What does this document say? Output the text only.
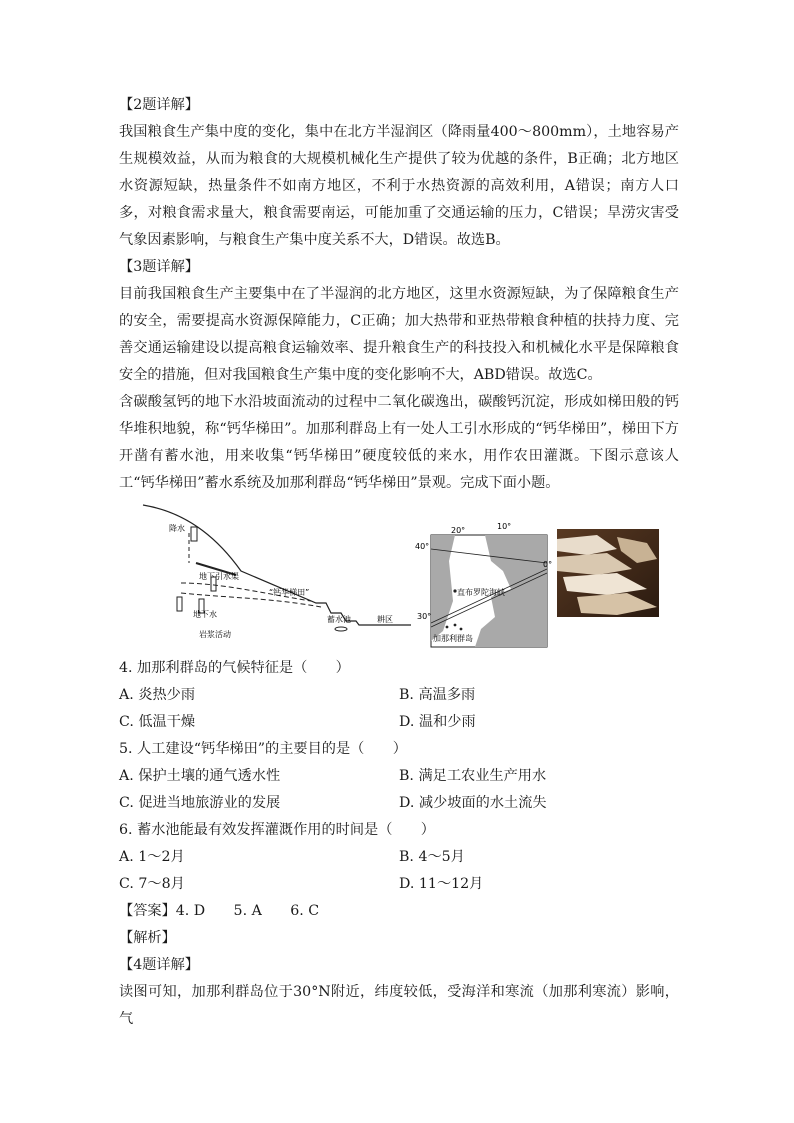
【2题详解】

我国粮食生产集中度的变化，集中在北方半湿润区（降雨量400～800mm），土地容易产生规模效益，从而为粮食的大规模机械化生产提供了较为优越的条件，B正确；北方地区水资源短缺，热量条件不如南方地区，不利于水热资源的高效利用，A错误；南方人口多，对粮食需求量大，粮食需要南运，可能加重了交通运输的压力，C错误；旱涝灾害受气象因素影响，与粮食生产集中度关系不大，D错误。故选B。

【3题详解】

目前我国粮食生产主要集中在了半湿润的北方地区，这里水资源短缺，为了保障粮食生产的安全，需要提高水资源保障能力，C正确；加大热带和亚热带粮食种植的扶持力度、完善交通运输建设以提高粮食运输效率、提升粮食生产的科技投入和机械化水平是保障粮食安全的措施，但对我国粮食生产集中度的变化影响不大，ABD错误。故选C。

含碳酸氢钙的地下水沿坡面流动的过程中二氧化碳逸出，碳酸钙沉淀，形成如梯田般的钙华堆积地貌，称“钙华梯田”。加那利群岛上有一处人工引水形成的“钙华梯田”，梯田下方开凿有蓄水池，用来收集“钙华梯田”硬度较低的来水，用作农田灌溉。下图示意该人工“钙华梯田”蓄水系统及加那利群岛“钙华梯田”景观。完成下面小题。

降水
地下引水渠
“钙华梯田”
地下水
岩浆活动
蓄水池	耕区
20°	10°
40°
0°
30°
直布罗陀海峡
加那利群岛

4. 加那利群岛的气候特征是（　　）

A. 炎热少雨	B. 高温多雨
C. 低温干燥	D. 温和少雨

5. 人工建设“钙华梯田”的主要目的是（　　）

A. 保护土壤的通气透水性	B. 满足工农业生产用水
C. 促进当地旅游业的发展	D. 减少坡面的水土流失

6. 蓄水池能最有效发挥灌溉作用的时间是（　　）

A. 1～2月	B. 4～5月
C. 7～8月	D. 11～12月

【答案】4. D　　5. A　　6. C

【解析】

【4题详解】

读图可知，加那利群岛位于30°N附近，纬度较低，受海洋和寒流（加那利寒流）影响，气
